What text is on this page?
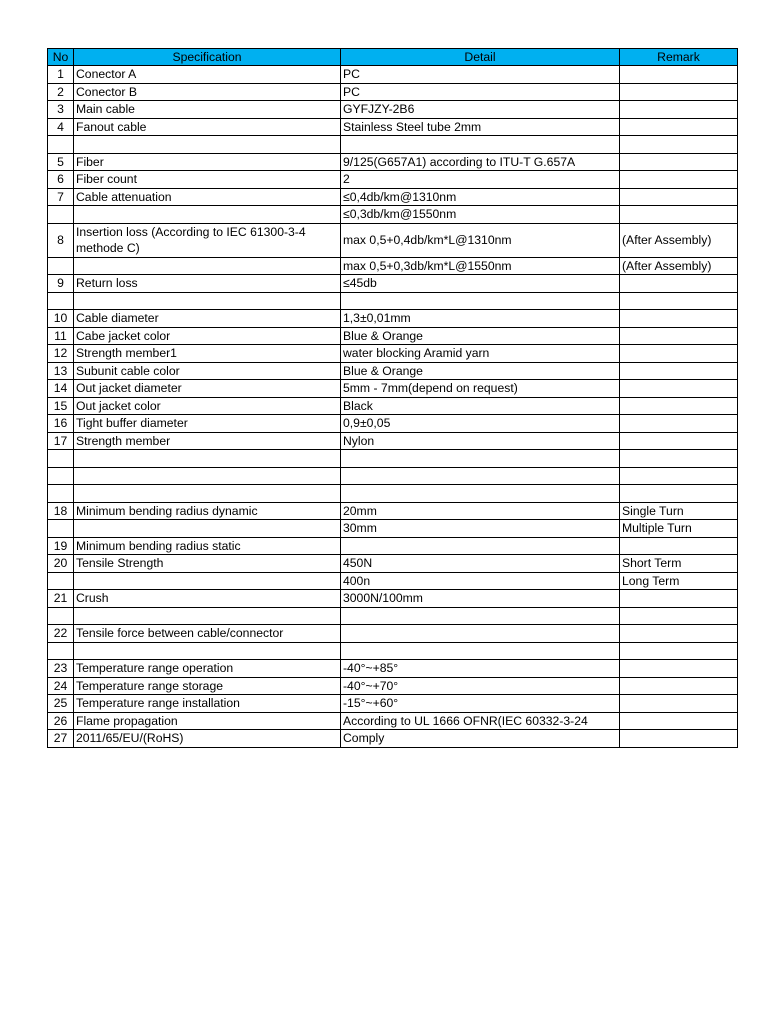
No	Specification	Detail	Remark
1	Conector A	PC	
2	Conector B	PC	
3	Main cable	GYFJZY-2B6	
4	Fanout cable	Stainless Steel tube 2mm	

5	Fiber	9/125(G657A1) according to ITU-T G.657A	
6	Fiber count	2	
7	Cable attenuation	≤0,4db/km@1310nm	
		≤0,3db/km@1550nm	
8	Insertion loss (According to IEC 61300-3-4 methode C)	max 0,5+0,4db/km*L@1310nm	(After Assembly)
		max 0,5+0,3db/km*L@1550nm	(After Assembly)
9	Return loss	≤45db	

10	Cable diameter	1,3±0,01mm	
11	Cabe jacket color	Blue & Orange	
12	Strength member1	water blocking Aramid yarn	
13	Subunit cable color	Blue & Orange	
14	Out jacket diameter	5mm - 7mm(depend on request)	
15	Out jacket color	Black	
16	Tight buffer diameter	0,9±0,05	
17	Strength member	Nylon	

18	Minimum bending radius dynamic	20mm	Single Turn
		30mm	Multiple Turn
19	Minimum bending radius static		
20	Tensile Strength	450N	Short Term
		400n	Long Term
21	Crush	3000N/100mm	

22	Tensile force between cable/connector		

23	Temperature range operation	-40°~+85°	
24	Temperature range storage	-40°~+70°	
25	Temperature range installation	-15°~+60°	
26	Flame propagation	According to UL 1666 OFNR(IEC 60332-3-24	
27	2011/65/EU/(RoHS)	Comply	
